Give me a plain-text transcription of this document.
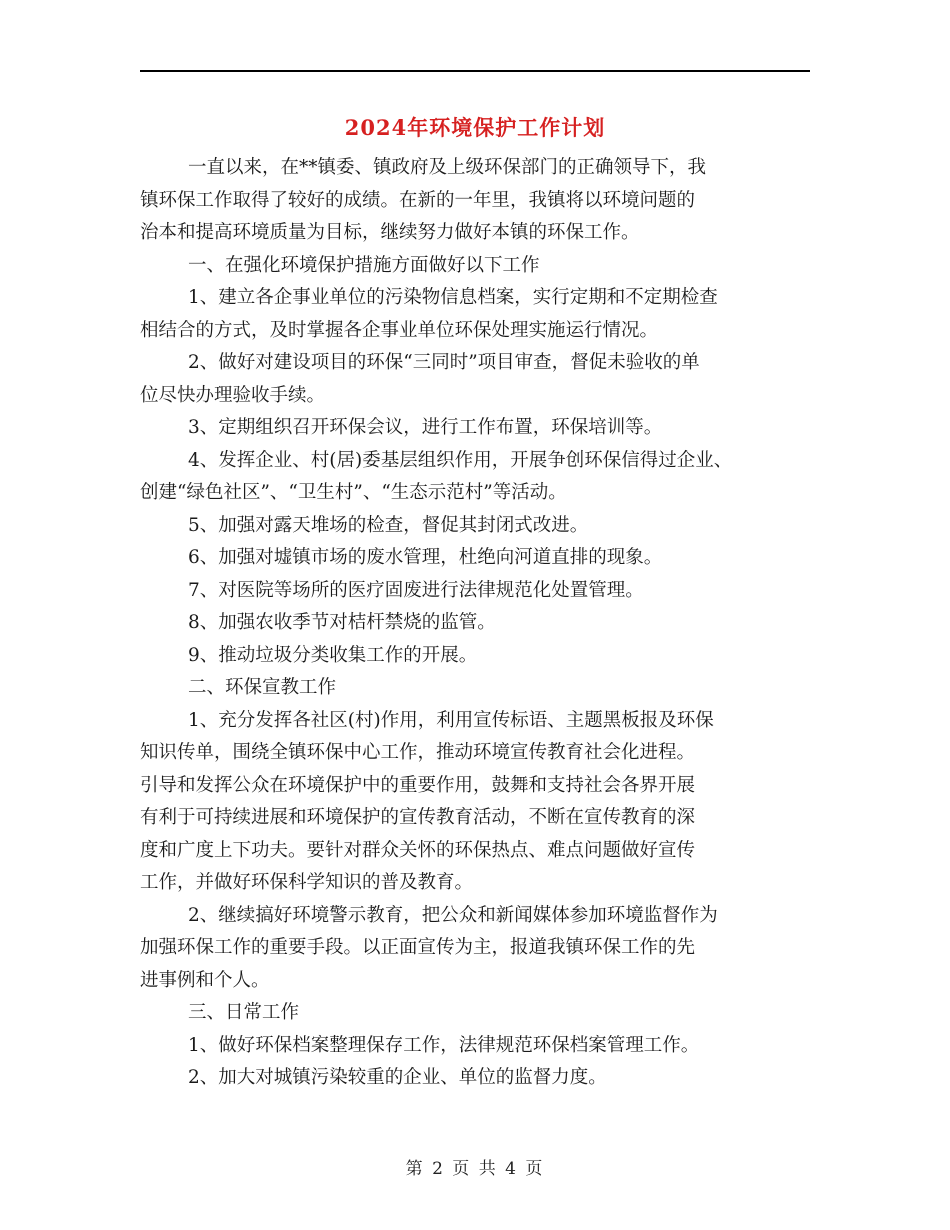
2024年环境保护工作计划
一直以来，在**镇委、镇政府及上级环保部门的正确领导下，我
镇环保工作取得了较好的成绩。在新的一年里，我镇将以环境问题的
治本和提高环境质量为目标，继续努力做好本镇的环保工作。
一、在强化环境保护措施方面做好以下工作
1、建立各企事业单位的污染物信息档案，实行定期和不定期检查
相结合的方式，及时掌握各企事业单位环保处理实施运行情况。
2、做好对建设项目的环保“三同时”项目审查，督促未验收的单
位尽快办理验收手续。
3、定期组织召开环保会议，进行工作布置，环保培训等。
4、发挥企业、村(居)委基层组织作用，开展争创环保信得过企业、
创建“绿色社区”、“卫生村”、“生态示范村”等活动。
5、加强对露天堆场的检查，督促其封闭式改进。
6、加强对墟镇市场的废水管理，杜绝向河道直排的现象。
7、对医院等场所的医疗固废进行法律规范化处置管理。
8、加强农收季节对桔杆禁烧的监管。
9、推动垃圾分类收集工作的开展。
二、环保宣教工作
1、充分发挥各社区(村)作用，利用宣传标语、主题黑板报及环保
知识传单，围绕全镇环保中心工作，推动环境宣传教育社会化进程。
引导和发挥公众在环境保护中的重要作用，鼓舞和支持社会各界开展
有利于可持续进展和环境保护的宣传教育活动，不断在宣传教育的深
度和广度上下功夫。要针对群众关怀的环保热点、难点问题做好宣传
工作，并做好环保科学知识的普及教育。
2、继续搞好环境警示教育，把公众和新闻媒体参加环境监督作为
加强环保工作的重要手段。以正面宣传为主，报道我镇环保工作的先
进事例和个人。
三、日常工作
1、做好环保档案整理保存工作，法律规范环保档案管理工作。
2、加大对城镇污染较重的企业、单位的监督力度。
第 2 页 共 4 页
